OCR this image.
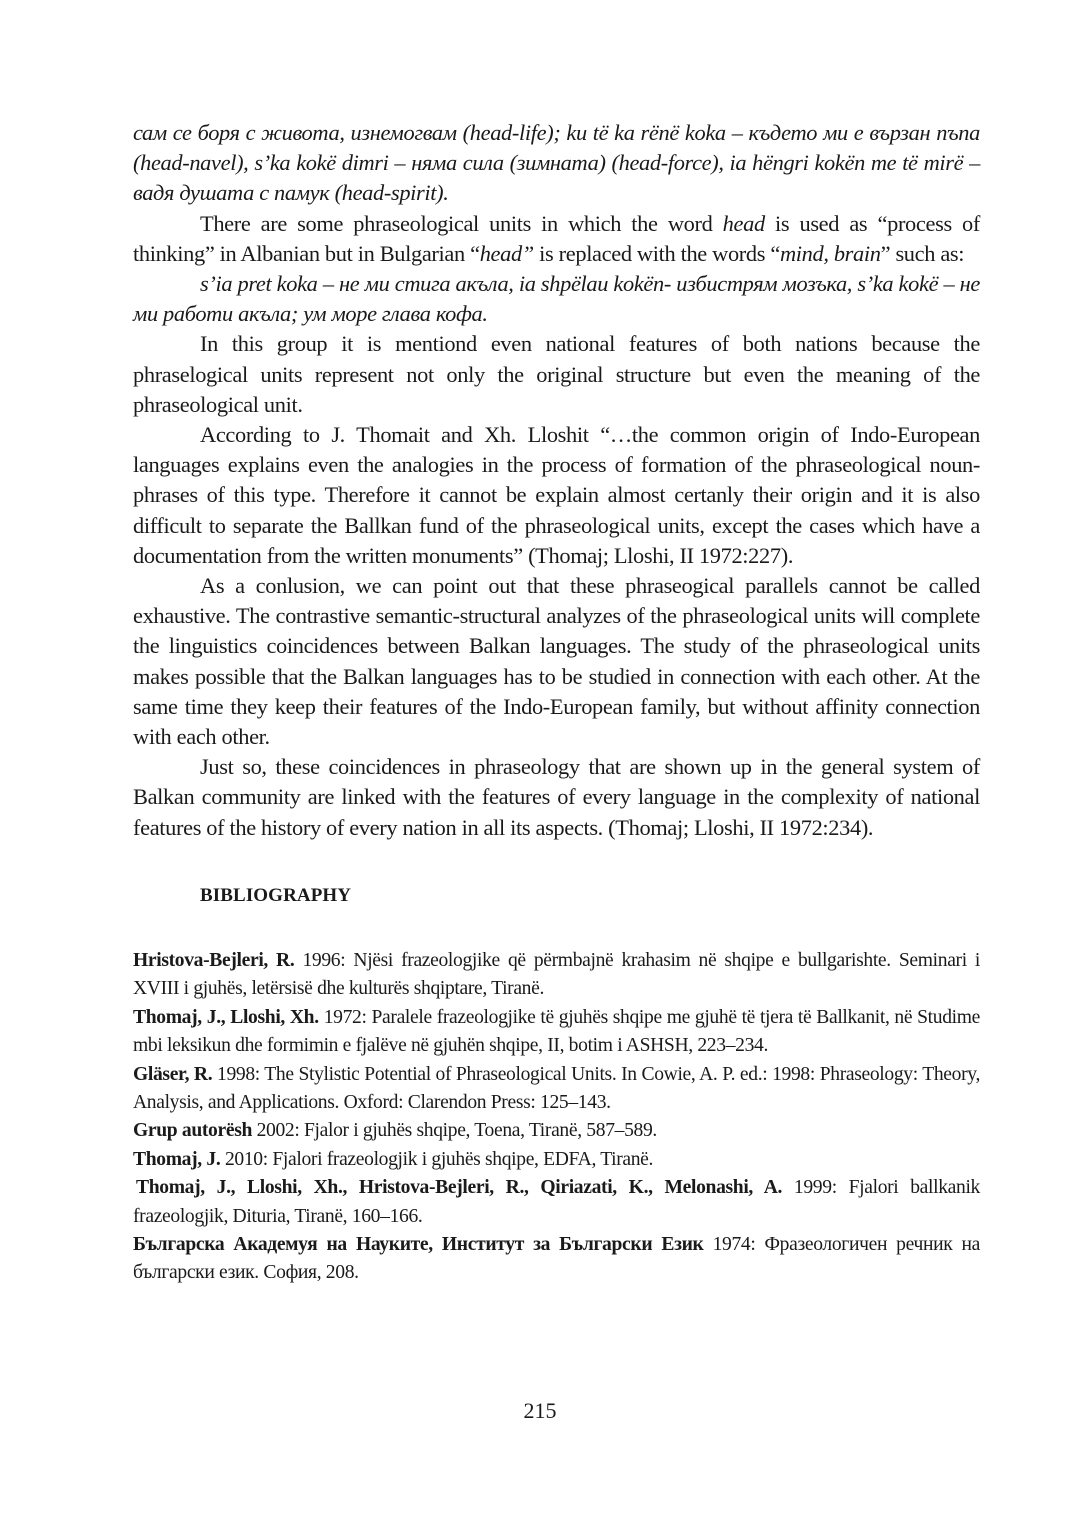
сам се боря с живота, изнемогвам (head-life); ku të ka rënë koka – където ми е вързан пъпа (head-navel), s’ka kokë dimri – няма сила (зимната) (head-force), ia hëngri kokën me të mirë – вадя душата с памук (head-spirit).

There are some phraseological units in which the word head is used as “process of thinking” in Albanian but in Bulgarian “head” is replaced with the words “mind, brain” such as:

s’ia pret koka – не ми стига акъла, ia shpëlau kokën- избистрям мозъка, s’ka kokë – не ми работи акъла; ум море глава кофа.

In this group it is mentiond even national features of both nations because the phraselogical units represent not only the original structure but even the meaning of the phraseological unit.

According to J. Thomait and Xh. Lloshit “…the common origin of Indo-European languages explains even the analogies in the process of formation of the phraseological noun-phrases of this type. Therefore it cannot be explain almost certanly their origin and it is also difficult to separate the Ballkan fund of the phraseological units, except the cases which have a documentation from the written monuments” (Thomaj; Lloshi, II 1972:227).

As a conlusion, we can point out that these phraseogical parallels cannot be called exhaustive. The contrastive semantic-structural analyzes of the phraseological units will complete the linguistics coincidences between Balkan languages. The study of the phraseological units makes possible that the Balkan languages has to be studied in connection with each other. At the same time they keep their features of the Indo-European family, but without affinity connection with each other.

Just so, these coincidences in phraseology that are shown up in the general system of Balkan community are linked with the features of every language in the complexity of national features of the history of every nation in all its aspects. (Thomaj; Lloshi, II 1972:234).

BIBLIOGRAPHY

Hristova-Bejleri, R. 1996: Njësi frazeologjike që përmbajnë krahasim në shqipe e bullgarishte. Seminari i XVIII i gjuhës, letërsisë dhe kulturës shqiptare, Tiranë.

Thomaj, J., Lloshi, Xh. 1972: Paralele frazeologjike të gjuhës shqipe me gjuhë të tjera të Ballkanit, në Studime mbi leksikun dhe formimin e fjalëve në gjuhën shqipe, II, botim i ASHSH, 223–234.

Gläser, R. 1998: The Stylistic Potential of Phraseological Units. In Cowie, A. P. ed.: 1998: Phraseology: Theory, Analysis, and Applications. Oxford: Clarendon Press: 125–143.

Grup autorësh 2002: Fjalor i gjuhës shqipe, Toena, Tiranë, 587–589.

Thomaj, J. 2010: Fjalori frazeologjik i gjuhës shqipe, EDFA, Tiranë.

Thomaj, J., Lloshi, Xh., Hristova-Bejleri, R., Qiriazati, K., Melonashi, A. 1999: Fjalori ballkanik frazeologjik, Dituria, Tiranë, 160–166.

Българска Академуя на Науките, Институт за Български Език 1974: Фразеологичен речник на български език. София, 208.

215
